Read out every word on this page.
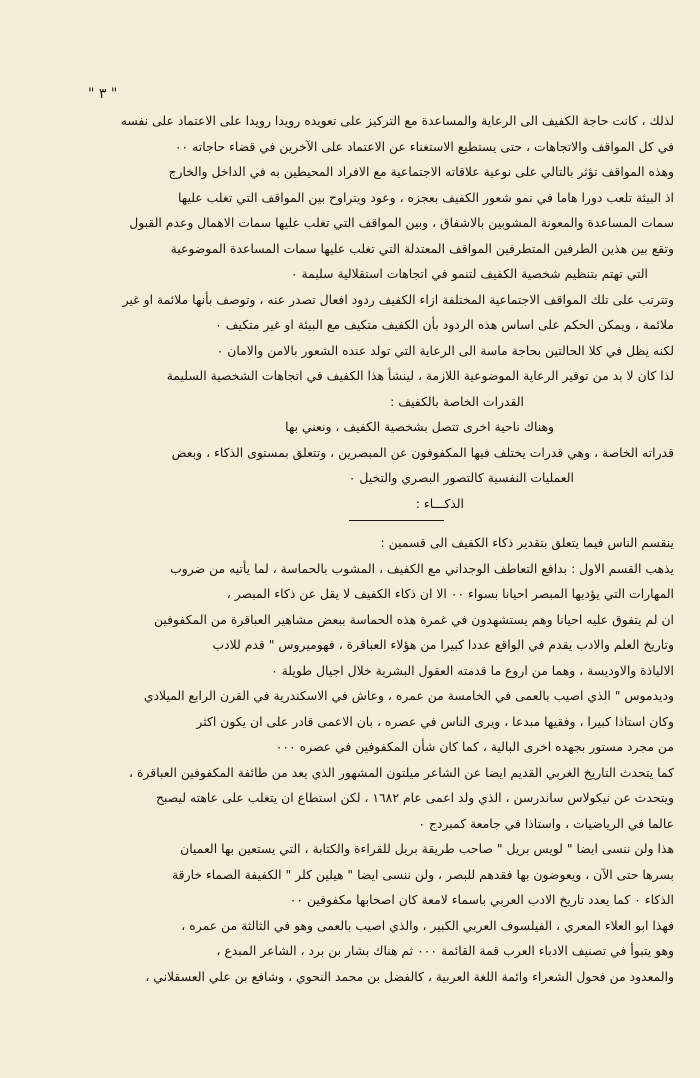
" ٣ "
لذلك ، كانت حاجة الكفيف الى الرعاية والمساعدة مع التركيز على تعويده رويدا رويدا على الاعتماد على نفسه
في كل المواقف والاتجاهات ، حتى يستطيع الاستغناء عن الاعتماد على الآخرين في قضاء حاجاته ٠٠
وهذه المواقف تؤثر بالتالي على نوعية علاقاته الاجتماعية مع الافراد المحيطين به في الداخل والخارج
اذ البيئة تلعب دورا هاما في نمو شعور الكفيف بعجزه ، وعود ويتراوح بين المواقف التي تغلب عليها
سمات المساعدة والمعونة المشوبين بالاشفاق ، وبين المواقف التي تغلب عليها سمات الاهمال وعدم القبول
وتقع بين هذين الطرفين المتطرفين المواقف المعتدلة التي تغلب عليها سمات المساعدة الموضوعية
التي تهتم بتنظيم شخصية الكفيف لتنمو في اتجاهات استقلالية سليمة ٠
وتترتب على تلك المواقف الاجتماعية المختلفة ازاء الكفيف ردود افعال تصدر عنه ، وتوصف بأنها ملائمة او غير
ملائمة ، ويمكن الحكم على اساس هذه الردود بأن الكفيف متكيف مع البيئة او غير متكيف ٠
لكنه يظل في كلا الحالتين بحاجة ماسة الى الرعاية التي تولد عنده الشعور بالامن والامان ٠
لذا كان لا بد من توفير الرعاية الموضوعية اللازمة ، لينشأ هذا الكفيف في اتجاهات الشخصية السليمة
القدرات الخاصة بالكفيف :
وهناك ناحية اخرى تتصل بشخصية الكفيف ، ونعني بها
قدراته الخاصة ، وهي قدرات يختلف فيها المكفوفون عن المبصرين ، وتتعلق بمستوى الذكاء ، وبعض
العمليات النفسية كالتصور البصري والتخيل ٠
الذكـــاء :
ينقسم الناس فيما يتعلق بتقدير ذكاء الكفيف الى قسمين :
يذهب القسم الاول : بدافع التعاطف الوجداني مع الكفيف ، المشوب بالحماسة ، لما يأتيه من ضروب
المهارات التي يؤديها المبصر احيانا بسواء ٠٠ الا ان ذكاء الكفيف لا يقل عن ذكاء المبصر ،
ان لم يتفوق عليه احيانا وهم يستشهدون في غمرة هذه الحماسة ببعض مشاهير العباقرة من المكفوفين
وتاريخ العلم والادب يقدم في الواقع عددا كبيرا من هؤلاء العباقرة ، فهوميروس " قدم للادب
الالياذة والاوديسة ، وهما من اروع ما قدمته العقول البشرية خلال اجيال طويلة ٠
وديدموس " الذي اصيب بالعمى في الخامسة من عمره ، وعاش في الاسكندرية في القرن الرابع الميلادي
وكان استاذا كبيرا ، وفقيها مبدعا ، ويرى الناس في عصره ، بان الاعمى قادر على ان يكون اكثر
من مجرد مستور بجهده اخرى البالية ، كما كان شأن المكفوفين في عصره ٠٠٠
كما يتحدث التاريخ الغربي القديم ايضا عن الشاعر ميلتون المشهور الذي يعد من طائفة المكفوفين العباقرة ،
ويتحدث عن نيكولاس ساندرسن ، الذي ولد اعمى عام ١٦٨٢ ، لكن استطاع ان يتغلب على عاهته ليصبح
عالما في الرياضيات ، واستاذا في جامعة كمبردج ٠
هذا ولن ننسى ايضا " لويس بريل " صاحب طريقة بريل للقراءة والكتابة ، التي يستعين بها العميان
بسرها حتى الآن ، ويعوضون بها فقدهم للبصر ، ولن ننسى ايضا " هيلين كلر " الكفيفة الصماء خارقة
الذكاء ٠ كما يعدد تاريخ الادب العربي باسماء لامعة كان اصحابها مكفوفين ٠٠
فهذا ابو العلاء المعري ، الفيلسوف العربي الكبير ، والذي اصيب بالعمى وهو في الثالثة من عمره ،
وهو يتبوأ في تصنيف الادباء العرب قمة القائمة ٠٠٠ ثم هناك بشار بن برد ، الشاعر المبدع ،
والمعدود من فحول الشعراء وائمة اللغة العربية ، كالفضل بن محمد النحوي ، وشافع بن علي العسقلاني ،
